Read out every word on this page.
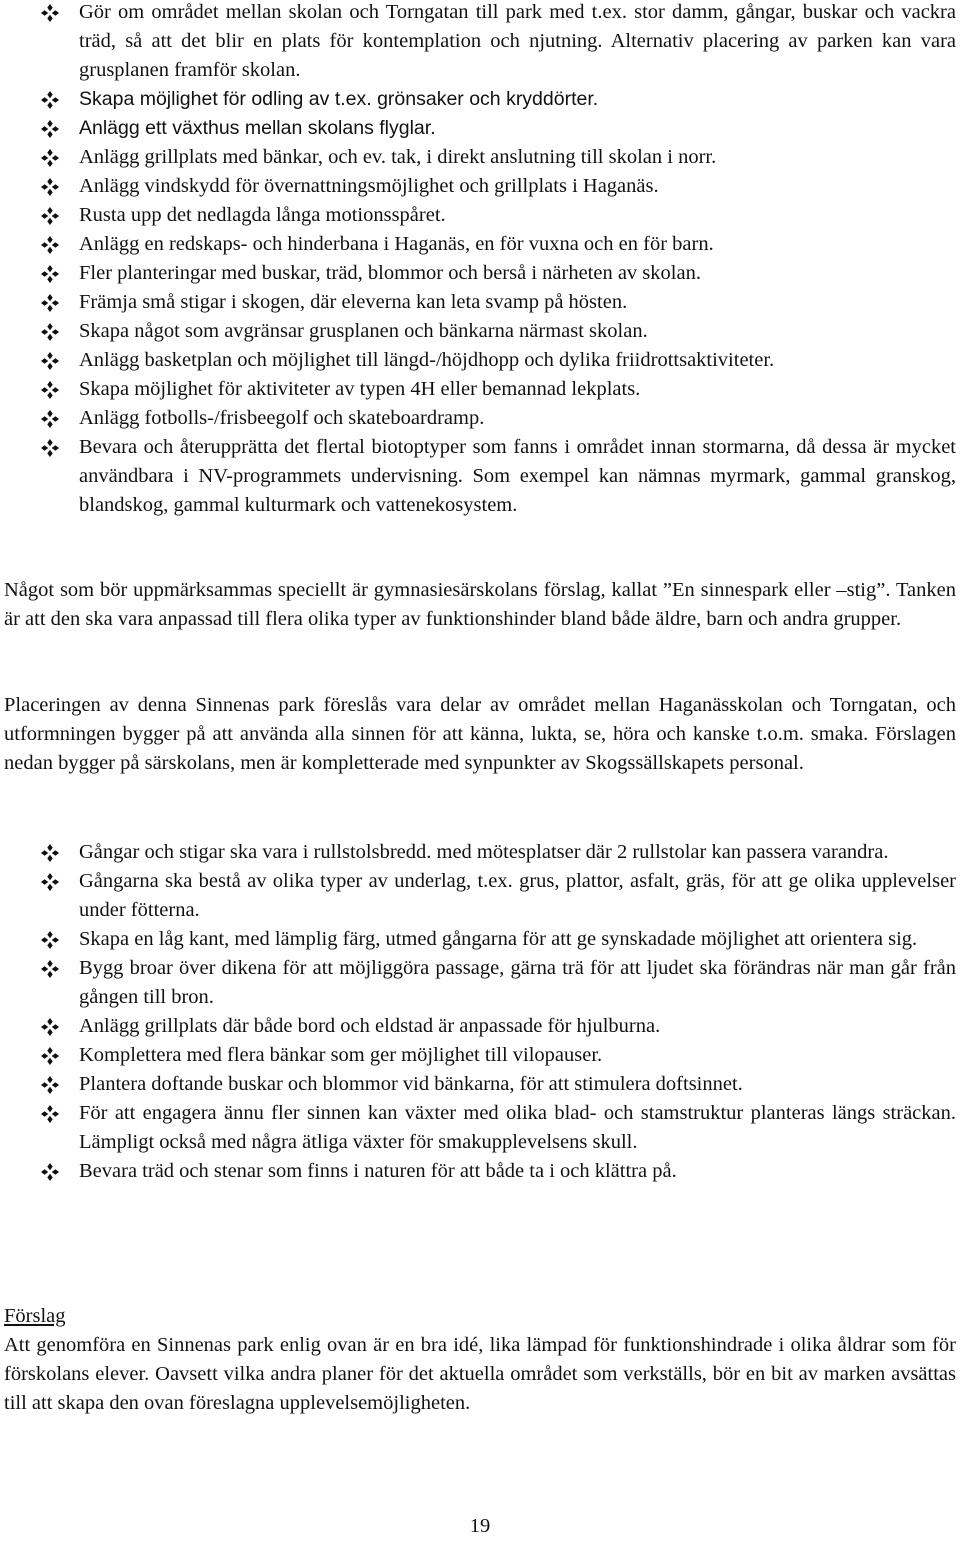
Gör om området mellan skolan och Torngatan till park med t.ex. stor damm, gångar, buskar och vackra träd, så att det blir en plats för kontemplation och njutning. Alternativ placering av parken kan vara grusplanen framför skolan.
Skapa möjlighet för odling av t.ex. grönsaker och kryddörter.
Anlägg ett växthus mellan skolans flyglar.
Anlägg grillplats med bänkar, och ev. tak, i direkt anslutning till skolan i norr.
Anlägg vindskydd för övernattningsmöjlighet och grillplats i Haganäs.
Rusta upp det nedlagda långa motionsspåret.
Anlägg en redskaps- och hinderbana i Haganäs, en för vuxna och en för barn.
Fler planteringar med buskar, träd, blommor och berså i närheten av skolan.
Främja små stigar i skogen, där eleverna kan leta svamp på hösten.
Skapa något som avgränsar grusplanen och bänkarna närmast skolan.
Anlägg basketplan och möjlighet till längd-/höjdhopp och dylika friidrottsaktiviteter.
Skapa möjlighet för aktiviteter av typen 4H eller bemannad lekplats.
Anlägg fotbolls-/frisbeegolf och skateboardramp.
Bevara och återupprätta det flertal biotoptyper som fanns i området innan stormarna, då dessa är mycket användbara i NV-programmets undervisning. Som exempel kan nämnas myrmark, gammal granskog, blandskog, gammal kulturmark och vattenekosystem.

Något som bör uppmärksammas speciellt är gymnasiesärskolans förslag, kallat ”En sinnespark eller –stig”. Tanken är att den ska vara anpassad till flera olika typer av funktionshinder bland både äldre, barn och andra grupper.

Placeringen av denna Sinnenas park föreslås vara delar av området mellan Haganässkolan och Torngatan, och utformningen bygger på att använda alla sinnen för att känna, lukta, se, höra och kanske t.o.m. smaka. Förslagen nedan bygger på särskolans, men är kompletterade med synpunkter av Skogssällskapets personal.

Gångar och stigar ska vara i rullstolsbredd. med mötesplatser där 2 rullstolar kan passera varandra.
Gångarna ska bestå av olika typer av underlag, t.ex. grus, plattor, asfalt, gräs, för att ge olika upplevelser under fötterna.
Skapa en låg kant, med lämplig färg, utmed gångarna för att ge synskadade möjlighet att orientera sig.
Bygg broar över dikena för att möjliggöra passage, gärna trä för att ljudet ska förändras när man går från gången till bron.
Anlägg grillplats där både bord och eldstad är anpassade för hjulburna.
Komplettera med flera bänkar som ger möjlighet till vilopauser.
Plantera doftande buskar och blommor vid bänkarna, för att stimulera doftsinnet.
För att engagera ännu fler sinnen kan växter med olika blad- och stamstruktur planteras längs sträckan. Lämpligt också med några ätliga växter för smakupplevelsens skull.
Bevara träd och stenar som finns i naturen för att både ta i och klättra på.

Förslag

Att genomföra en Sinnenas park enlig ovan är en bra idé, lika lämpad för funktionshindrade i olika åldrar som för förskolans elever. Oavsett vilka andra planer för det aktuella området som verkställs, bör en bit av marken avsättas till att skapa den ovan föreslagna upplevelsemöjligheten.

19
